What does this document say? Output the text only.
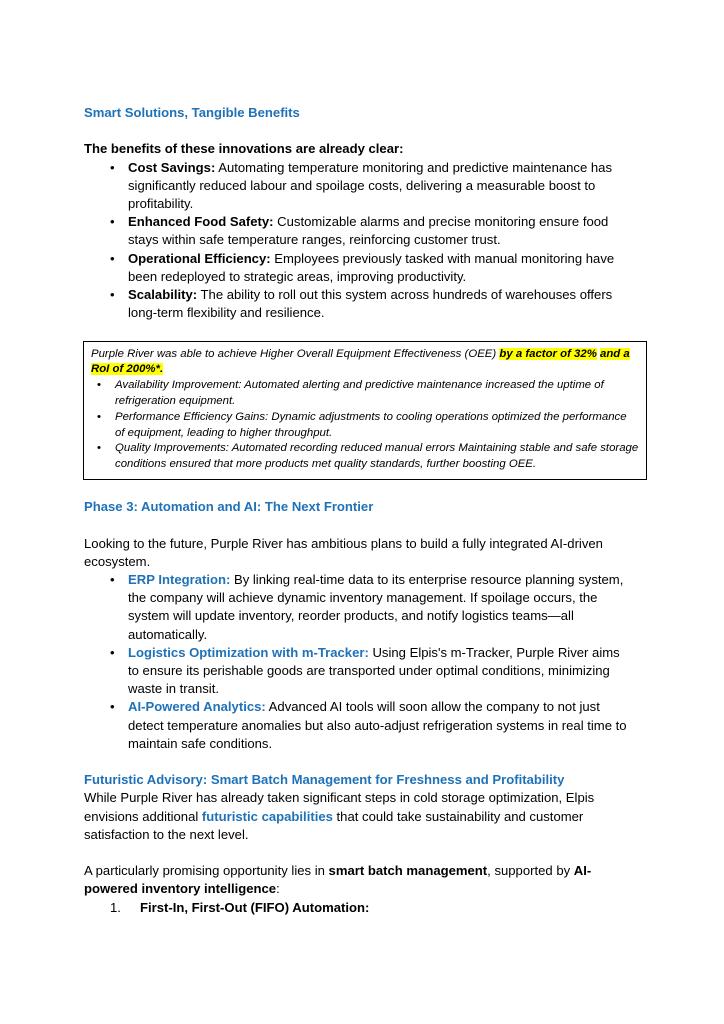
Smart Solutions, Tangible Benefits

The benefits of these innovations are already clear:

• Cost Savings: Automating temperature monitoring and predictive maintenance has significantly reduced labour and spoilage costs, delivering a measurable boost to profitability.
• Enhanced Food Safety: Customizable alarms and precise monitoring ensure food stays within safe temperature ranges, reinforcing customer trust.
• Operational Efficiency: Employees previously tasked with manual monitoring have been redeployed to strategic areas, improving productivity.
• Scalability: The ability to roll out this system across hundreds of warehouses offers long-term flexibility and resilience.

Purple River was able to achieve Higher Overall Equipment Effectiveness (OEE) by a factor of 32% and a RoI of 200%*.

• Availability Improvement: Automated alerting and predictive maintenance increased the uptime of refrigeration equipment.
• Performance Efficiency Gains: Dynamic adjustments to cooling operations optimized the performance of equipment, leading to higher throughput.
• Quality Improvements: Automated recording reduced manual errors Maintaining stable and safe storage conditions ensured that more products met quality standards, further boosting OEE.
Phase 3: Automation and AI: The Next Frontier

Looking to the future, Purple River has ambitious plans to build a fully integrated AI-driven ecosystem.

• ERP Integration: By linking real-time data to its enterprise resource planning system, the company will achieve dynamic inventory management. If spoilage occurs, the system will update inventory, reorder products, and notify logistics teams—all automatically.
• Logistics Optimization with m-Tracker: Using Elpis's m-Tracker, Purple River aims to ensure its perishable goods are transported under optimal conditions, minimizing waste in transit.
• AI-Powered Analytics: Advanced AI tools will soon allow the company to not just detect temperature anomalies but also auto-adjust refrigeration systems in real time to maintain safe conditions.
Futuristic Advisory: Smart Batch Management for Freshness and Profitability

While Purple River has already taken significant steps in cold storage optimization, Elpis envisions additional futuristic capabilities that could take sustainability and customer satisfaction to the next level.

A particularly promising opportunity lies in smart batch management, supported by AI-powered inventory intelligence:

First-In, First-Out (FIFO) Automation:
